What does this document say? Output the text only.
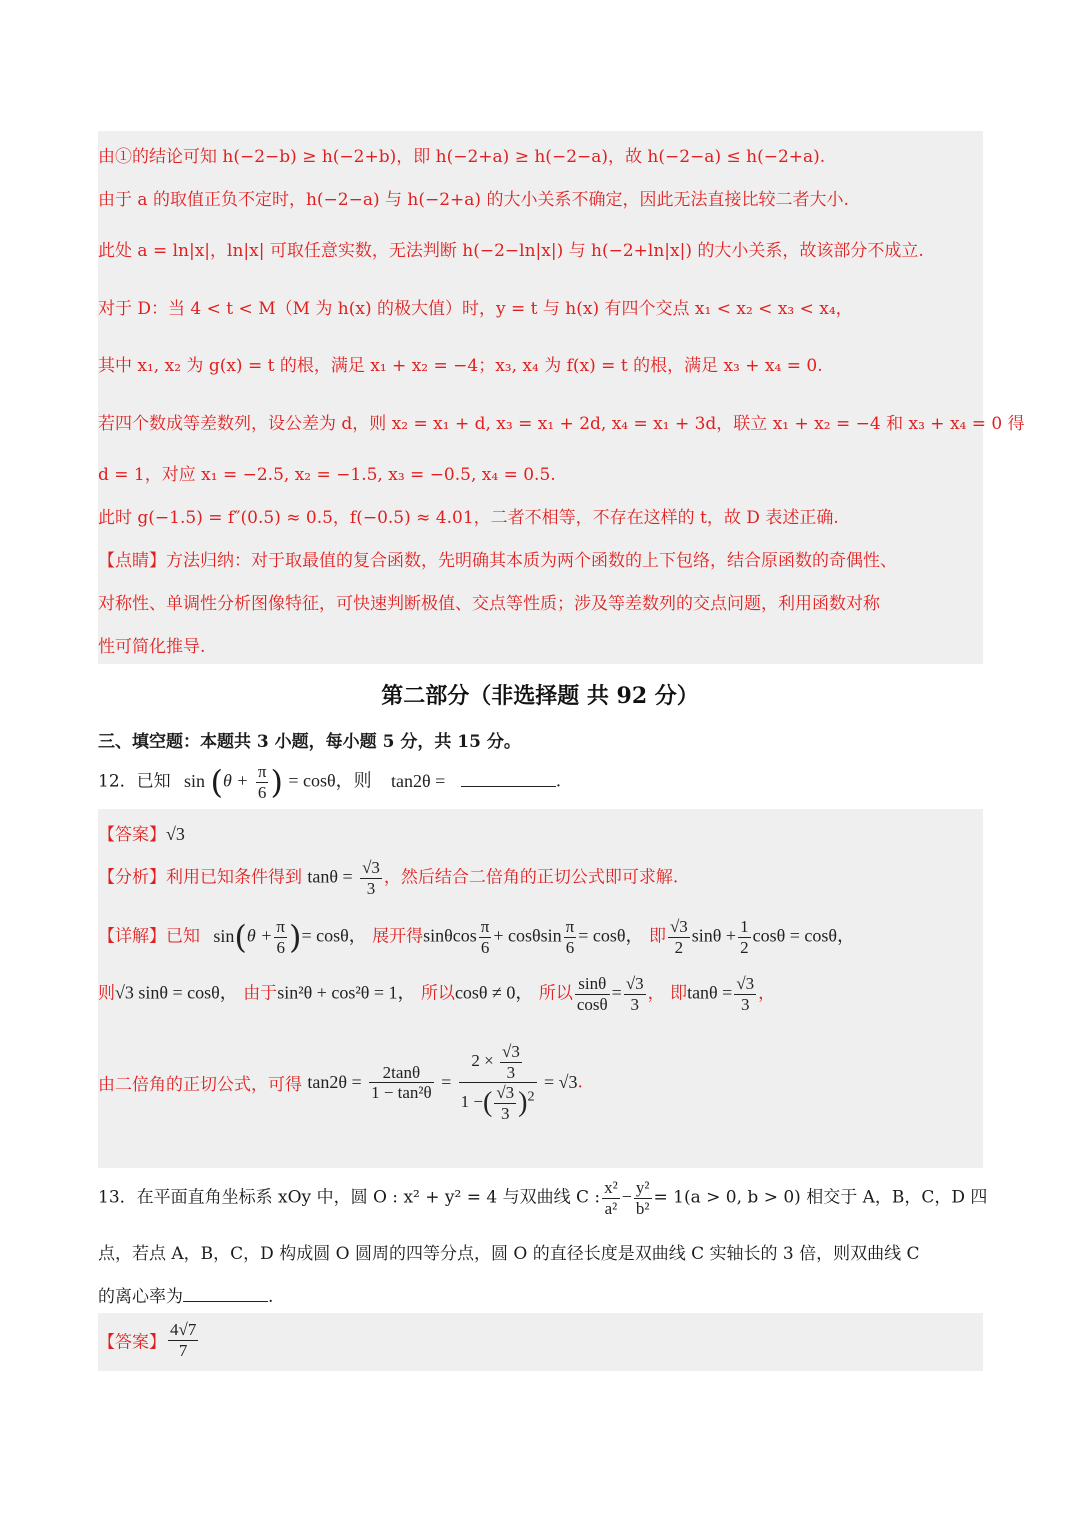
由①的结论可知 h(−2−b) ≥ h(−2+b)，即 h(−2+a) ≥ h(−2−a)，故 h(−2−a) ≤ h(−2+a).
由于 a 的取值正负不定时，h(−2−a) 与 h(−2+a) 的大小关系不确定，因此无法直接比较二者大小.
此处 a = ln|x|，ln|x| 可取任意实数，无法判断 h(−2−ln|x|) 与 h(−2+ln|x|) 的大小关系，故该部分不成立.
对于 D：当 4 < t < M（M 为 h(x) 的极大值）时，y = t 与 h(x) 有四个交点 x₁ < x₂ < x₃ < x₄，
其中 x₁, x₂ 为 g(x) = t 的根，满足 x₁ + x₂ = −4；x₃, x₄ 为 f(x) = t 的根，满足 x₃ + x₄ = 0.
若四个数成等差数列，设公差为 d，则 x₂ = x₁ + d, x₃ = x₁ + 2d, x₄ = x₁ + 3d，联立 x₁ + x₂ = −4 和 x₃ + x₄ = 0 得
d = 1，对应 x₁ = −2.5, x₂ = −1.5, x₃ = −0.5, x₄ = 0.5.
此时 g(−1.5) = f″(0.5) ≈ 0.5，f(−0.5) ≈ 4.01，二者不相等，不存在这样的 t，故 D 表述正确.
【点睛】方法归纳：对于取最值的复合函数，先明确其本质为两个函数的上下包络，结合原函数的奇偶性、
对称性、单调性分析图像特征，可快速判断极值、交点等性质；涉及等差数列的交点问题，利用函数对称
性可简化推导.
第二部分（非选择题 共 92 分）
三、填空题：本题共 3 小题，每小题 5 分，共 15 分。
12．已知 $\sin (\theta + \frac{\pi}{6}$ ) = cosθ，则 tan2θ =	.
【答案】√3
【分析】利用已知条件得到 $\tan\theta = \frac{√3}{3}$ ，然后结合二倍角的正切公式即可求解.
【详解】已知 $\sin(\theta + \frac{\pi}{6}$ )= cosθ， 展开得sinθcos $\frac{\pi}{6} + \cos\theta\sin \frac{\pi}{6} = \cos\theta$， 即 $\frac{√3}{2}$ $\sin\theta + \frac{1}{2}$ cosθ = cosθ，
则√3 sinθ = cosθ， 由于sin²θ + cos²θ = 1， 所以cosθ ≠ 0， 所以 $\frac{\sin\theta}{\cos\theta} = \frac{√3}{3}$ ， 即$\tan\theta = \frac{√3}{3}$ ，
由二倍角的正切公式，可得 $\tan 2\theta = \frac{2\tan\theta}{\text{1 − tan²θ}} = \frac{2 \times \frac{√3}{3}}{1 -( \frac{√3}{3} )^2} = √3$.
13．在平面直角坐标系 xOy 中，圆 O : x² + y² = 4 与双曲线 C : $\frac{\text{x²}}{\text{a²}} - \frac{\text{y²}}{\text{b²}} = 1(a > 0$, b > 0) 相交于 A，B，C，D 四
点，若点 A，B，C，D 构成圆 O 圆周的四等分点，圆 O 的直径长度是双曲线 C 实轴长的 3 倍，则双曲线 C
的离心率为	.
【答案】 $\frac{4√7}{7}$
